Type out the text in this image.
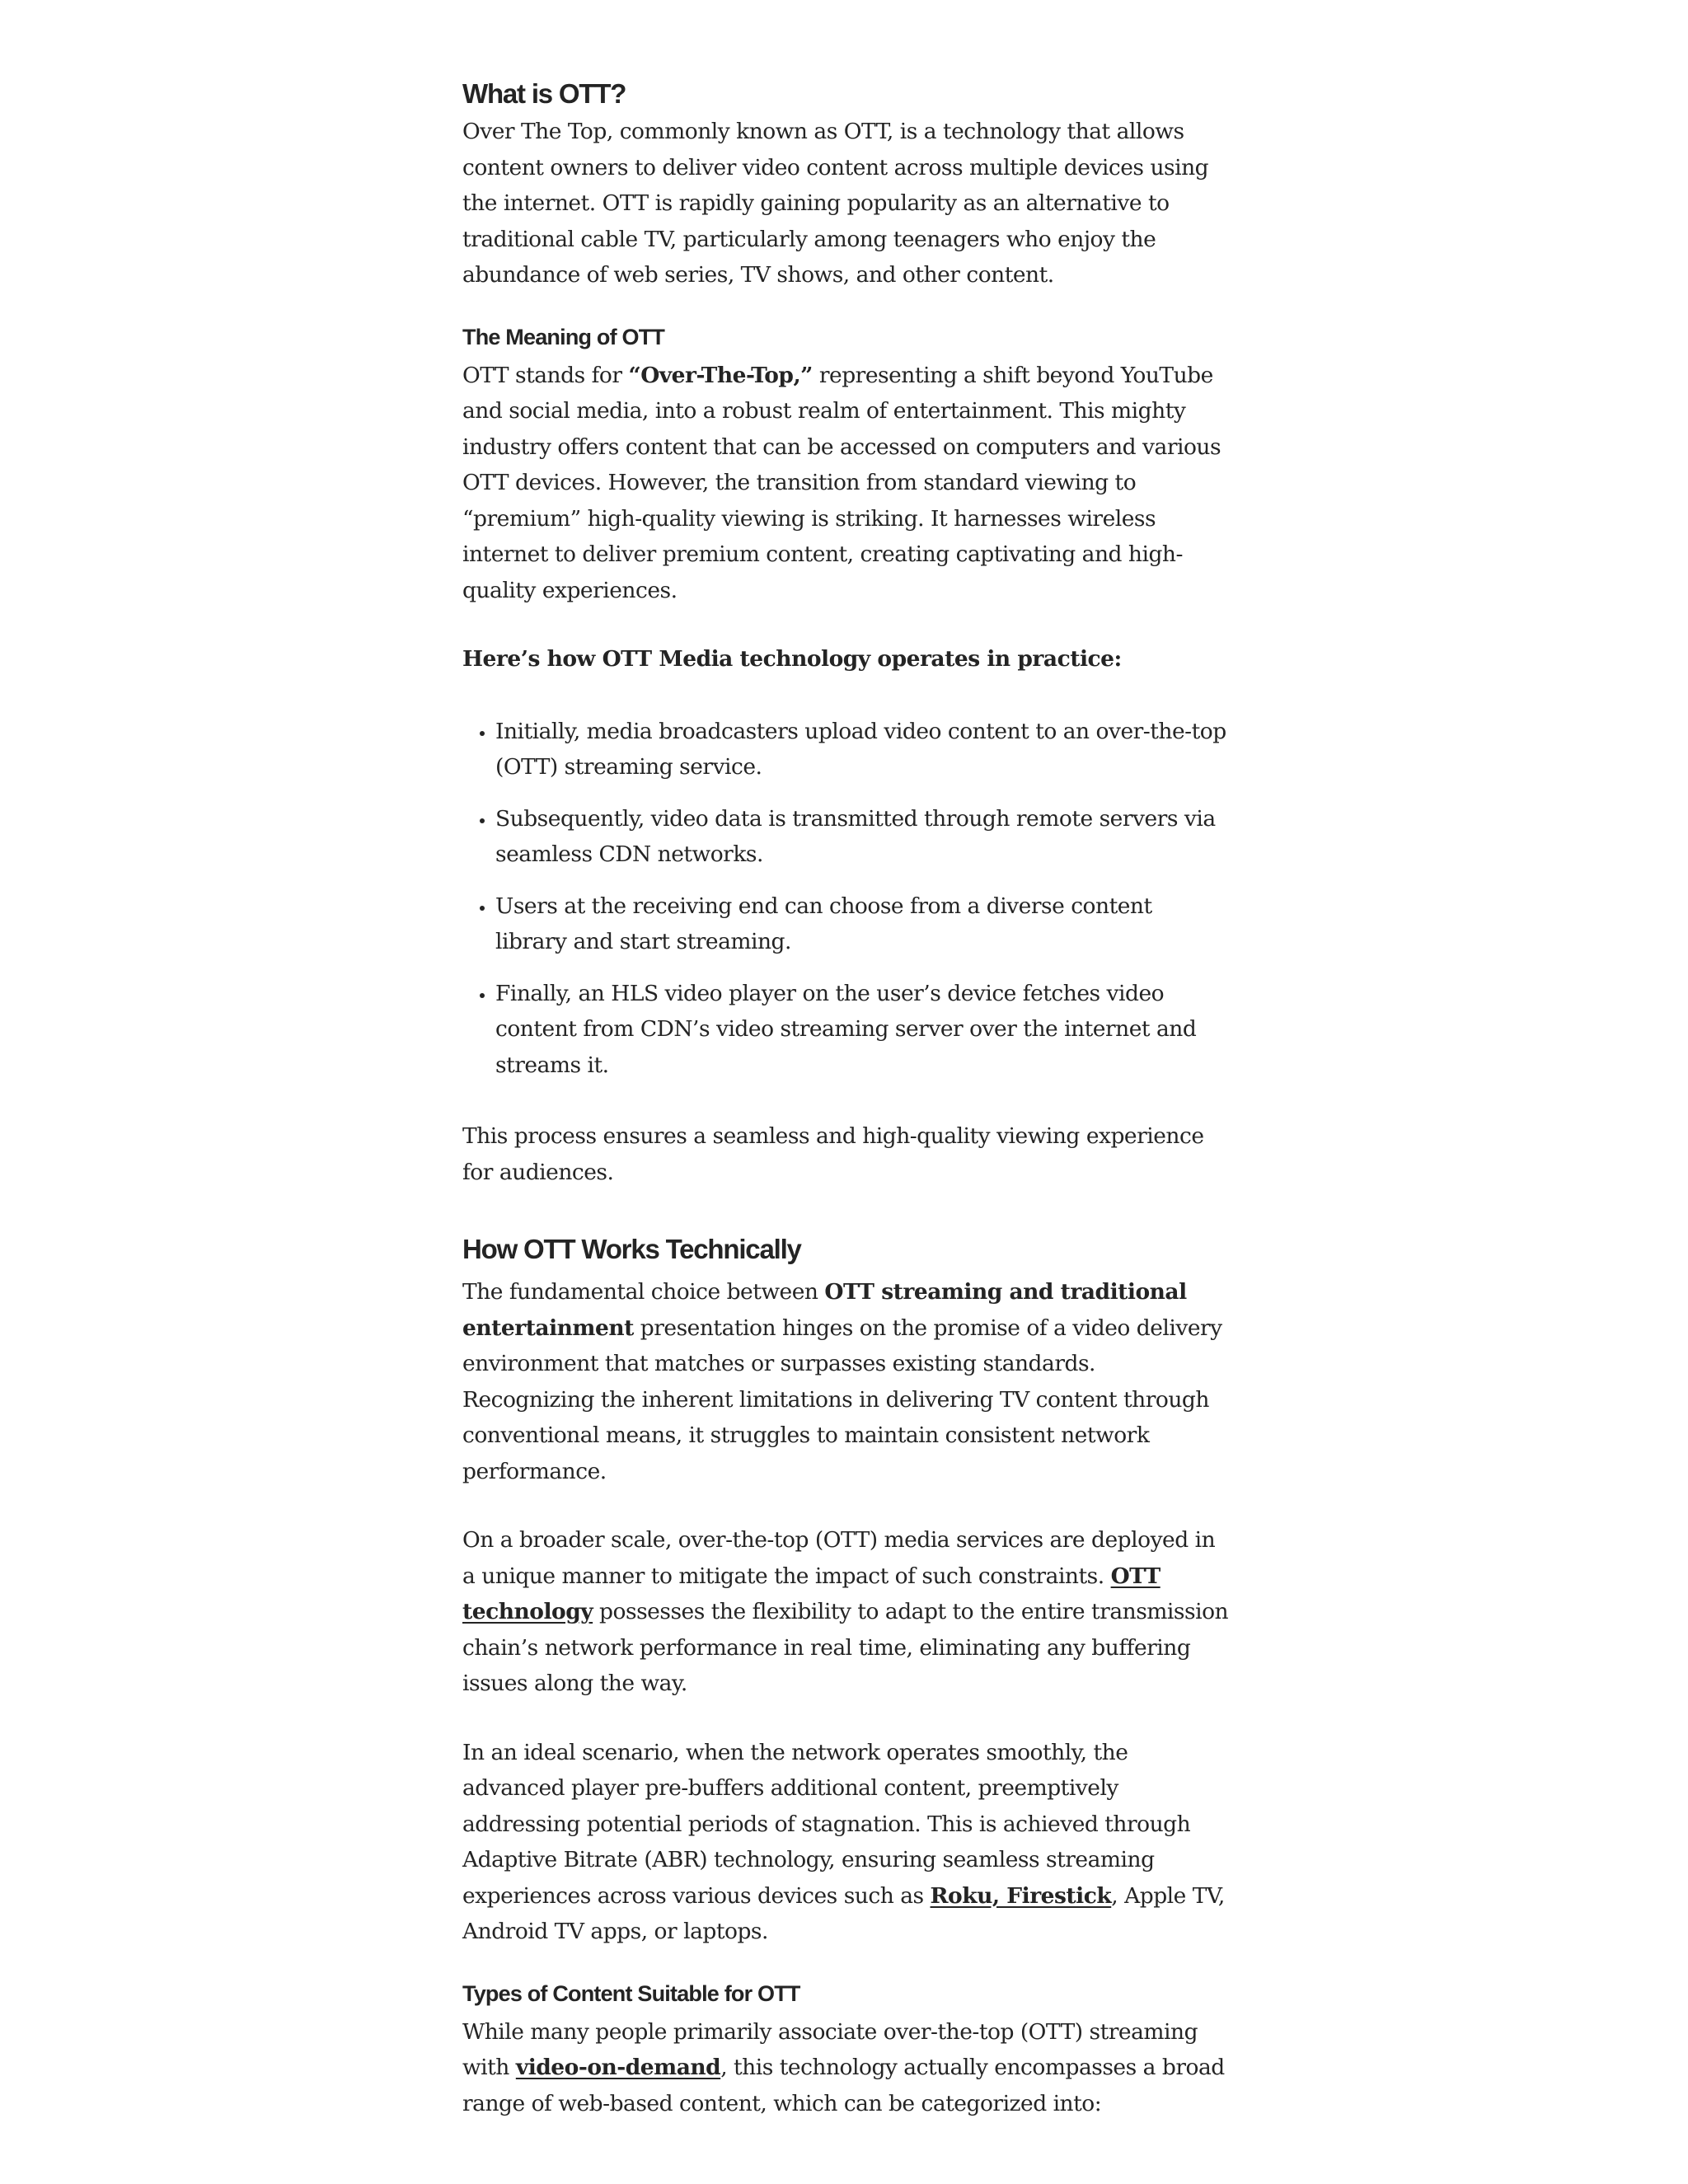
What is OTT?

Over The Top, commonly known as OTT, is a technology that allows content owners to deliver video content across multiple devices using the internet. OTT is rapidly gaining popularity as an alternative to traditional cable TV, particularly among teenagers who enjoy the abundance of web series, TV shows, and other content.

The Meaning of OTT

OTT stands for “Over-The-Top,” representing a shift beyond YouTube and social media, into a robust realm of entertainment. This mighty industry offers content that can be accessed on computers and various OTT devices. However, the transition from standard viewing to “premium” high-quality viewing is striking. It harnesses wireless internet to deliver premium content, creating captivating and high-quality experiences.

Here’s how OTT Media technology operates in practice:

• Initially, media broadcasters upload video content to an over-the-top (OTT) streaming service.
• Subsequently, video data is transmitted through remote servers via seamless CDN networks.
• Users at the receiving end can choose from a diverse content library and start streaming.
• Finally, an HLS video player on the user’s device fetches video content from CDN’s video streaming server over the internet and streams it.

This process ensures a seamless and high-quality viewing experience for audiences.

How OTT Works Technically

The fundamental choice between OTT streaming and traditional entertainment presentation hinges on the promise of a video delivery environment that matches or surpasses existing standards. Recognizing the inherent limitations in delivering TV content through conventional means, it struggles to maintain consistent network performance.

On a broader scale, over-the-top (OTT) media services are deployed in a unique manner to mitigate the impact of such constraints. OTT technology possesses the flexibility to adapt to the entire transmission chain’s network performance in real time, eliminating any buffering issues along the way.

In an ideal scenario, when the network operates smoothly, the advanced player pre-buffers additional content, preemptively addressing potential periods of stagnation. This is achieved through Adaptive Bitrate (ABR) technology, ensuring seamless streaming experiences across various devices such as Roku, Firestick, Apple TV, Android TV apps, or laptops.

Types of Content Suitable for OTT

While many people primarily associate over-the-top (OTT) streaming with video-on-demand, this technology actually encompasses a broad range of web-based content, which can be categorized into:
